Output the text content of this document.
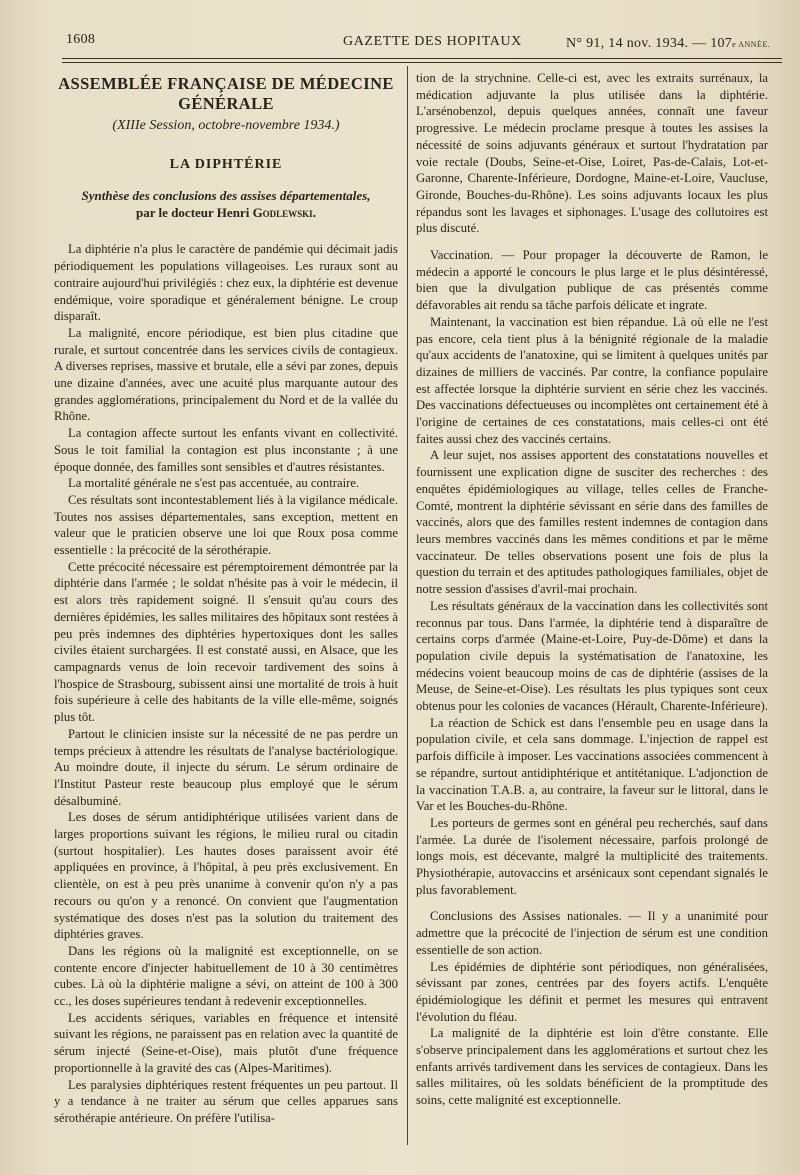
1608	GAZETTE DES HOPITAUX	N° 91, 14 nov. 1934. — 107e ANNÉE.
ASSEMBLÉE FRANÇAISE DE MÉDECINE
GÉNÉRALE
(XIIIe Session, octobre-novembre 1934.)
LA DIPHTÉRIE
Synthèse des conclusions des assises départementales,
par le docteur Henri Godlewski.

La diphtérie n'a plus le caractère de pandémie qui décimait jadis périodiquement les populations villageoises. Les ruraux sont au contraire aujourd'hui privilégiés : chez eux, la diphtérie est devenue endémique, voire sporadique et généralement bénigne. Le croup disparaît.

La malignité, encore périodique, est bien plus citadine que rurale, et surtout concentrée dans les services civils de contagieux. A diverses reprises, massive et brutale, elle a sévi par zones, depuis une dizaine d'années, avec une acuité plus marquante autour des grandes agglomérations, principalement du Nord et de la vallée du Rhône.

La contagion affecte surtout les enfants vivant en collectivité. Sous le toit familial la contagion est plus inconstante ; à une époque donnée, des familles sont sensibles et d'autres résistantes.

La mortalité générale ne s'est pas accentuée, au contraire.

Ces résultats sont incontestablement liés à la vigilance médicale. Toutes nos assises départementales, sans exception, mettent en valeur que le praticien observe une loi que Roux posa comme essentielle : la précocité de la sérothérapie.

Cette précocité nécessaire est péremptoirement démontrée par la diphtérie dans l'armée ; le soldat n'hésite pas à voir le médecin, il est alors très rapidement soigné. Il s'ensuit qu'au cours des dernières épidémies, les salles militaires des hôpitaux sont restées à peu près indemnes des diphtéries hypertoxiques dont les salles civiles étaient surchargées. Il est constaté aussi, en Alsace, que les campagnards venus de loin recevoir tardivement des soins à l'hospice de Strasbourg, subissent ainsi une mortalité de trois à huit fois supérieure à celle des habitants de la ville elle-même, soignés plus tôt.

Partout le clinicien insiste sur la nécessité de ne pas perdre un temps précieux à attendre les résultats de l'analyse bactériologique. Au moindre doute, il injecte du sérum. Le sérum ordinaire de l'Institut Pasteur reste beaucoup plus employé que le sérum désalbuminé.

Les doses de sérum antidiphtérique utilisées varient dans de larges proportions suivant les régions, le milieu rural ou citadin (surtout hospitalier). Les hautes doses paraissent avoir été appliquées en province, à l'hôpital, à peu près exclusivement. En clientèle, on est à peu près unanime à convenir qu'on n'y a pas recours ou qu'on y a renoncé. On convient que l'augmentation systématique des doses n'est pas la solution du traitement des diphtéries graves.

Dans les régions où la malignité est exceptionnelle, on se contente encore d'injecter habituellement de 10 à 30 centimètres cubes. Là où la diphtérie maligne a sévi, on atteint de 100 à 300 cc., les doses supérieures tendant à redevenir exceptionnelles.

Les accidents sériques, variables en fréquence et intensité suivant les régions, ne paraissent pas en relation avec la quantité de sérum injecté (Seine-et-Oise), mais plutôt d'une fréquence proportionnelle à la gravité des cas (Alpes-Maritimes).

Les paralysies diphtériques restent fréquentes un peu partout. Il y a tendance à ne traiter au sérum que celles apparues sans sérothérapie antérieure. On préfère l'utilisa-

tion de la strychnine. Celle-ci est, avec les extraits surrénaux, la médication adjuvante la plus utilisée dans la diphtérie. L'arsénobenzol, depuis quelques années, connaît une faveur progressive. Le médecin proclame presque à toutes les assises la nécessité de soins adjuvants généraux et surtout l'hydratation par voie rectale (Doubs, Seine-et-Oise, Loiret, Pas-de-Calais, Lot-et-Garonne, Charente-Inférieure, Dordogne, Maine-et-Loire, Vaucluse, Gironde, Bouches-du-Rhône). Les soins adjuvants locaux les plus répandus sont les lavages et siphonages. L'usage des collutoires est plus discuté.

Vaccination. — Pour propager la découverte de Ramon, le médecin a apporté le concours le plus large et le plus désintéressé, bien que la divulgation publique de cas présentés comme défavorables ait rendu sa tâche parfois délicate et ingrate.

Maintenant, la vaccination est bien répandue. Là où elle ne l'est pas encore, cela tient plus à la bénignité régionale de la maladie qu'aux accidents de l'anatoxine, qui se limitent à quelques unités par dizaines de milliers de vaccinés. Par contre, la confiance populaire est affectée lorsque la diphtérie survient en série chez les vaccinés. Des vaccinations défectueuses ou incomplètes ont certainement été à l'origine de certaines de ces constatations, mais celles-ci ont été faites aussi chez des vaccinés certains.

A leur sujet, nos assises apportent des constatations nouvelles et fournissent une explication digne de susciter des recherches : des enquêtes épidémiologiques au village, telles celles de Franche-Comté, montrent la diphtérie sévissant en série dans des familles de vaccinés, alors que des familles restent indemnes de contagion dans leurs membres vaccinés dans les mêmes conditions et par le même vaccinateur. De telles observations posent une fois de plus la question du terrain et des aptitudes pathologiques familiales, objet de notre session d'assises d'avril-mai prochain.

Les résultats généraux de la vaccination dans les collectivités sont reconnus par tous. Dans l'armée, la diphtérie tend à disparaître de certains corps d'armée (Maine-et-Loire, Puy-de-Dôme) et dans la population civile depuis la systématisation de l'anatoxine, les médecins voient beaucoup moins de cas de diphtérie (assises de la Meuse, de Seine-et-Oise). Les résultats les plus typiques sont ceux obtenus pour les colonies de vacances (Hérault, Charente-Inférieure).

La réaction de Schick est dans l'ensemble peu en usage dans la population civile, et cela sans dommage. L'injection de rappel est parfois difficile à imposer. Les vaccinations associées commencent à se répandre, surtout antidiphtérique et antitétanique. L'adjonction de la vaccination T.A.B. a, au contraire, la faveur sur le littoral, dans le Var et les Bouches-du-Rhône.

Les porteurs de germes sont en général peu recherchés, sauf dans l'armée. La durée de l'isolement nécessaire, parfois prolongé de longs mois, est décevante, malgré la multiplicité des traitements. Physiothérapie, autovaccins et arsénicaux sont cependant signalés le plus favorablement.

Conclusions des Assises nationales. — Il y a unanimité pour admettre que la précocité de l'injection de sérum est une condition essentielle de son action.

Les épidémies de diphtérie sont périodiques, non généralisées, sévissant par zones, centrées par des foyers actifs. L'enquête épidémiologique les définit et permet les mesures qui entravent l'évolution du fléau.

La malignité de la diphtérie est loin d'être constante. Elle s'observe principalement dans les agglomérations et surtout chez les enfants arrivés tardivement dans les services de contagieux. Dans les salles militaires, où les soldats bénéficient de la promptitude des soins, cette malignité est exceptionnelle.
